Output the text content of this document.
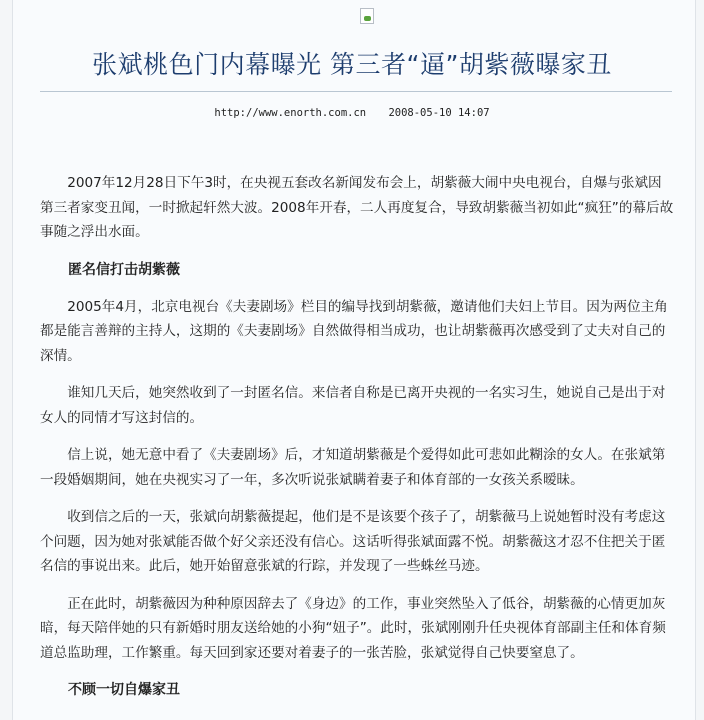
张斌桃色门内幕曝光 第三者“逼”胡紫薇曝家丑
http://www.enorth.com.cn 2008-05-10 14:07

2007年12月28日下午3时，在央视五套改名新闻发布会上，胡紫薇大闹中央电视台，自爆与张斌因第三者家变丑闻，一时掀起轩然大波。2008年开春，二人再度复合，导致胡紫薇当初如此“疯狂”的幕后故事随之浮出水面。

匿名信打击胡紫薇

2005年4月，北京电视台《夫妻剧场》栏目的编导找到胡紫薇，邀请他们夫妇上节目。因为两位主角都是能言善辩的主持人，这期的《夫妻剧场》自然做得相当成功，也让胡紫薇再次感受到了丈夫对自己的深情。

谁知几天后，她突然收到了一封匿名信。来信者自称是已离开央视的一名实习生，她说自己是出于对女人的同情才写这封信的。

信上说，她无意中看了《夫妻剧场》后，才知道胡紫薇是个爱得如此可悲如此糊涂的女人。在张斌第一段婚姻期间，她在央视实习了一年，多次听说张斌瞒着妻子和体育部的一女孩关系暧昧。

收到信之后的一天，张斌向胡紫薇提起，他们是不是该要个孩子了，胡紫薇马上说她暂时没有考虑这个问题，因为她对张斌能否做个好父亲还没有信心。这话听得张斌面露不悦。胡紫薇这才忍不住把关于匿名信的事说出来。此后，她开始留意张斌的行踪，并发现了一些蛛丝马迹。

正在此时，胡紫薇因为种种原因辞去了《身边》的工作，事业突然坠入了低谷，胡紫薇的心情更加灰暗，每天陪伴她的只有新婚时朋友送给她的小狗“妞子”。此时，张斌刚刚升任央视体育部副主任和体育频道总监助理，工作繁重。每天回到家还要对着妻子的一张苦脸，张斌觉得自己快要窒息了。

不顾一切自爆家丑
